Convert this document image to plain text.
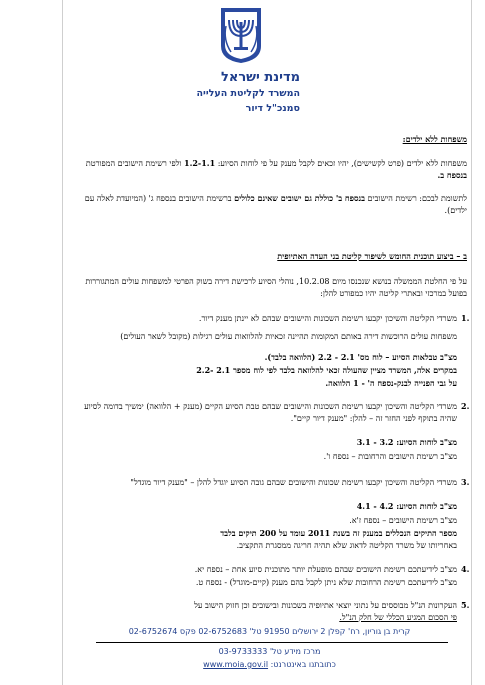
מדינת ישראל
המשרד לקליטת העלייה
סמנכ"ל דיור

משפחות ללא ילדים:

משפחות ללא ילדים (פרט לקשישים), יהיו זכאים לקבל מענק על פי לוחות הסיוע: 1.2-1.1 ולפי רשימת הישובים המפורטת בנספח ב.

לתשומת לבכם: רשימת הישובים בנספח ב' כוללת גם ישובים שאינם כלולים ברשימת הישובים בנספח ג' (המיועדת לאלה עם ילדים).

ב – ביצוע תוכנית החומש לשיפור קליטת בני העדה האתיופית

על פי החלטת הממשלה בנושא שנכנסו מיום 10.2.08, נוהלי הסיוע לרכישת דירה בשוק הפרטי למשפחות עולים המתגוררות בפועל במרכזי ובאתרי קליטה יהיו כמפורט להלן:

1.

משרדי הקליטה והשיכון יקבעו רשימת השכונות והישובים שבהם לא יינתן מענק דיור.

משפחות עולים הרוכשות דירה באותם המקומות תהיינה זכאיות להלוואות עולים רגילות (מקובל לשאר העולים)

מצ"ב טבלאות הסיוע – לוח מס' 2.1 - 2.2 (הלוואה בלבד).

במקרים אלה, המשרד מציין שהעולה זכאי להלוואה בלבד לפי לוח מספר 2.1 -2.2

על גבי הפנייה לבנק-נספח ה' - 1 הלוואה.

2.

משרדי הקליטה והשיכון יקבעו רשימת השכונות והישובים שבהם טבת הסיוע הקיים (מענק + הלוואה) ימשיך בדומה לסיוע שהיה בתוקף לפני החזר זה – להלן: "מענק דיור קיים".

מצ"ב לוחות הסיוע: 3.2 - 3.1

מצ"ב רשימת הישובים והרחובות – נספח ו'.

3.

משרדי הקליטה והשיכון יקבעו רשימת שכונות והישובים שבהם גובה הסיוע יוגדל להלן – "מענק דיור מוגדל"

מצ"ב לוחות הסיוע: 4.2 - 4.1

מצ"ב רשימת הישובים – נספח ז'א.

מספר התיקים הנכללים במענק זה בשנת 2011 עומד על 200 תיקים בלבד

באחריותו של משרד הקליטה לדאוג שלא תהיה חריגה ממסגרת התקציב.

4.

מצ"ב לידיעתכם רשימת הישובים שבהם מופעלת יותר מתוכנית סיוע אחת – נספח יא.

מצ"ב לידיעתכם רשימת הרחובות שלא ניתן לקבל בהם מענק (קיים-מוגדל) - נספח ט.

5.

העקרונות הנ"ל מבוססים על נתוני יוצאי אתיופיה בשכונות ובישובים וכן חזוק הישוב על

פי הסכום המגיע הכללי של חלק הנ"ל.

קרית בן גוריון, רח' קפלן 2 ירושלים 91950 טל' 02-6752683 פקס 02-6752674
מרכז מידע טל' 03-9733333
כתובתנו באינטרנט: www.moia.gov.il
